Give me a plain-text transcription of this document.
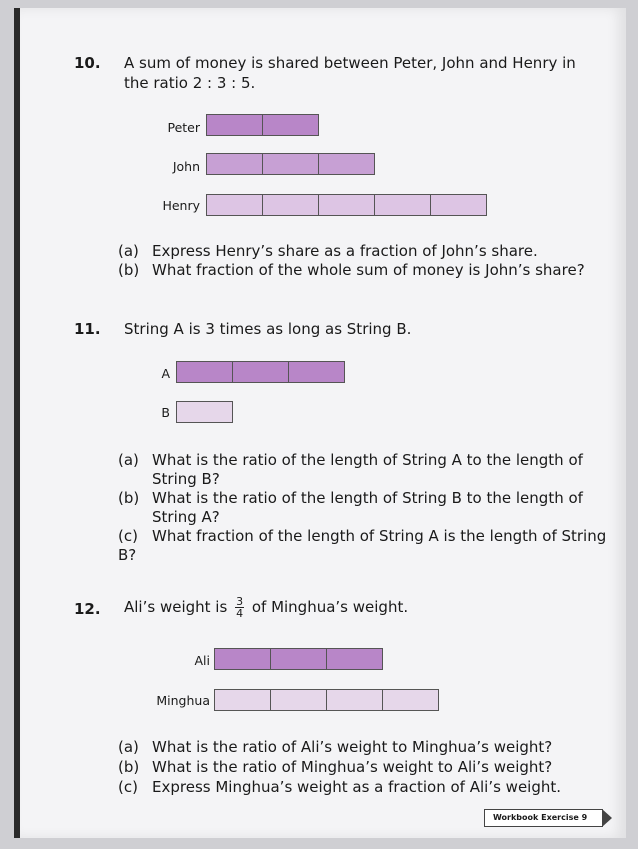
10. A sum of money is shared between Peter, John and Henry in the ratio 2 : 3 : 5.
Peter
John
Henry
(a) Express Henry’s share as a fraction of John’s share.
(b) What fraction of the whole sum of money is John’s share?
11. String A is 3 times as long as String B.
A
B
(a) What is the ratio of the length of String A to the length of
String B?
(b) What is the ratio of the length of String B to the length of
String A?
(c) What fraction of the length of String A is the length of String B?
12. Ali’s weight is $\frac{3}{4}$ of Minghua’s weight.
Ali
Minghua
(a) What is the ratio of Ali’s weight to Minghua’s weight?
(b) What is the ratio of Minghua’s weight to Ali’s weight?
(c) Express Minghua’s weight as a fraction of Ali’s weight.
Workbook Exercise 9
